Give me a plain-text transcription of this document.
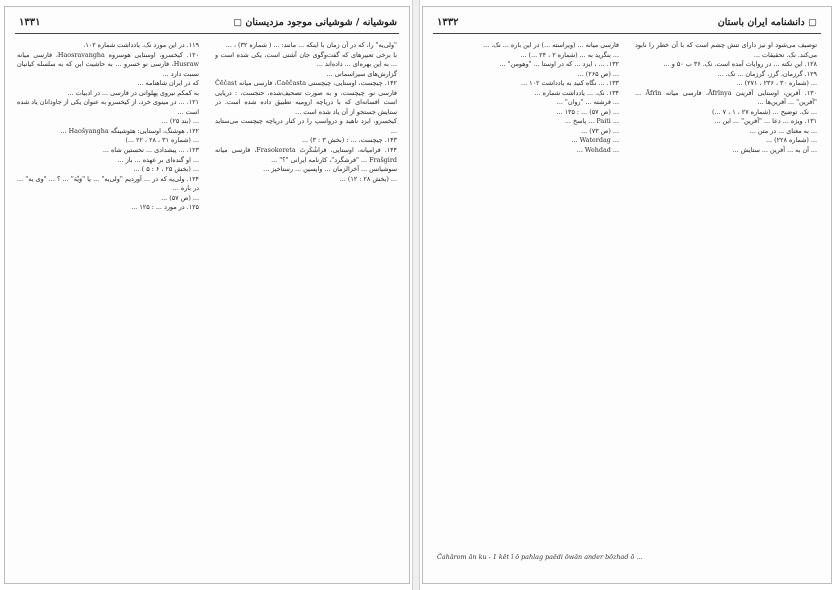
شوشیانه / شوشیانی موجود مزدیسنان ▢
۱۳۳۱

"ولی‌یه" را، که در آن زمان با اینکه ... مانند: ... ( شماره ۳۲) ، ...

با برخی تعبیرهای که گفت‌وگوی جان آشتی است، یکی شده است و ... به این بهره‌ای ... داده‌اند ...

گزارش‌های سیراسمانی ...

۱۴۲. چیچست، اوستایی، چیچستی Caēčasta، فارسی میانه Čēčast فارسی نو، چیچست، و به صورت تصحیف‌شده، حنجست، : دریایی است افسانه‌ای که با دریاچه ارومیه تطبیق داده شده است. در ستایش جستجو از آن یاد شده است ...

کیخسرو، ایزد ناهید و درواسپ را در کنار دریاچه چیچست می‌ستاید ...

۱۴۳. چیچست، ... : (بخش ۳ : ۳) ...

۱۴۴. فرامیانه، اوستایی، فراشُکَرِتَ Frasokereta، فارسی میانه Frašgird ... "فرشگرد"، کارنامه ایرانی "؟" ...

سوشیانس ... آخرالزمان ... واپسین ... رستاخیز ...

... (بخش ۲۸ : ۱۲) ...

۱۱۹. در این مورد نک. یادداشت شماره ۱۰۲.

۱۲۰. کیخسرو، اوستایی هوسروه Haosravangha، فارسی میانه Husraw، فارسی نو خسرو ... به حاشیت این که به سلسله کیانیان نسبت دارد ...

که در ایران شاهنامه ...

به کمکم نیروی پهلوانی در فارسی ... در ادبیات ...

۱۲۱. ... در مینوی خرد، از کیخسرو به عنوان یکی از جاودانان یاد شده است ...

... (بند ۲۵) ...

۱۲۲. هوشنگ، اوستایی: هئوشینگه Haošyangha ...

... (شماره ۳۱ ، ۲۸ ، ۲۲ ...)

۱۲۳. ... پیشدادی ... نخستین شاه ...

... او گنده‌ای بر عهده ... باز ...

... (بخش ۲۵ ، ۶ : ۵ ) ...

۱۲۴. ولی‌یه که در ... آوردیم "ولی‌یه" ... یا "وَیْهَ" ... ؟ ... "وی یه" ... در باره ...

... (ص ۵۷) ...

۱۲۵. در مورد ... : ۱۲۵ ...

۱۳۳۲	▢ دانشنامه ایران باستان

توصیف می‌شود او نیز دارای تنش چشم است که با آن خطر را نابود می‌کند. نک. تحقیقات ...

۱۲۸. این نکته ... در روایات آمده است. نک. ۳۶ ب ۵۰ و ...

۱۲۹. گرزمان، گرز، گرزمان ... نک. ...

... (شماره ۳۰ ، ۲۳۶ ، ۲۷۱) ...

۱۳۰. آفرین، اوستایی آفرینیَ Āfrīnya، فارسی میانه Āfrīn ... "آفرین" ... آفرین‌ها ...

... نک. توضیح ... (شماره ۲۷ ، ۱ ، ۷ ...)

۱۳۱. ویژه ... دعا ... "آفرین" ... این ...

... به معنای ... در متن ...

... (شماره ۲۲۸) ...

... آن به ... آفرین ... ستایش ...

فارسی میانه ... (ویراسته ...) در این باره ... نک. ...

... بنگرید به ... (شماره ۲ ، ۲۴ ...) ...

۱۳۲. ... ، ایزد ... که در اوستا ... "وهومن" ...

... (ص ۲۶۵) ...

۱۳۳. ... نگاه کنید به یادداشت ۱۰۲ ...

۱۳۴. نک. ... یادداشت شماره ...

... فرشته ... "روان" ...

... (ص ۵۷) ... : ۱۳۵ ...

... Paiti ... پاسخ ...

... (ص ۷۳) ...

... Waterdag ...

... Wehdad ...

Čahārom ān ku - 1 kēt ī ō pahlag paēdi ōwān ander bōzhad ō ...
